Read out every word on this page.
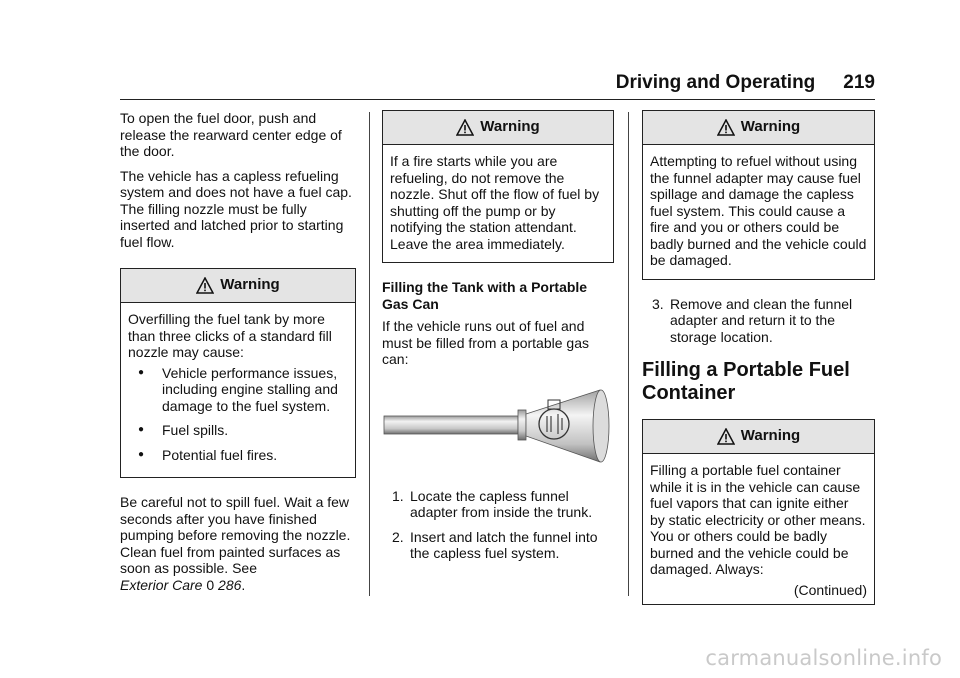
Driving and Operating 219

To open the fuel door, push and release the rearward center edge of the door.

The vehicle has a capless refueling system and does not have a fuel cap. The filling nozzle must be fully inserted and latched prior to starting fuel flow.

Warning

Overfilling the fuel tank by more than three clicks of a standard fill nozzle may cause:

● Vehicle performance issues, including engine stalling and damage to the fuel system.
● Fuel spills.
● Potential fuel fires.

Be careful not to spill fuel. Wait a few seconds after you have finished pumping before removing the nozzle. Clean fuel from painted surfaces as soon as possible. See
Exterior Care 0 286.

Warning

If a fire starts while you are refueling, do not remove the nozzle. Shut off the flow of fuel by shutting off the pump or by notifying the station attendant. Leave the area immediately.

Filling the Tank with a Portable Gas Can

If the vehicle runs out of fuel and must be filled from a portable gas can:

1. Locate the capless funnel adapter from inside the trunk.
2. Insert and latch the funnel into the capless fuel system.
Warning

Attempting to refuel without using the funnel adapter may cause fuel spillage and damage the capless fuel system. This could cause a fire and you or others could be badly burned and the vehicle could be damaged.

3. Remove and clean the funnel adapter and return it to the storage location.
Filling a Portable Fuel Container
Warning

Filling a portable fuel container while it is in the vehicle can cause fuel vapors that can ignite either by static electricity or other means. You or others could be badly burned and the vehicle could be damaged. Always:

(Continued)
carmanualsonline.info
